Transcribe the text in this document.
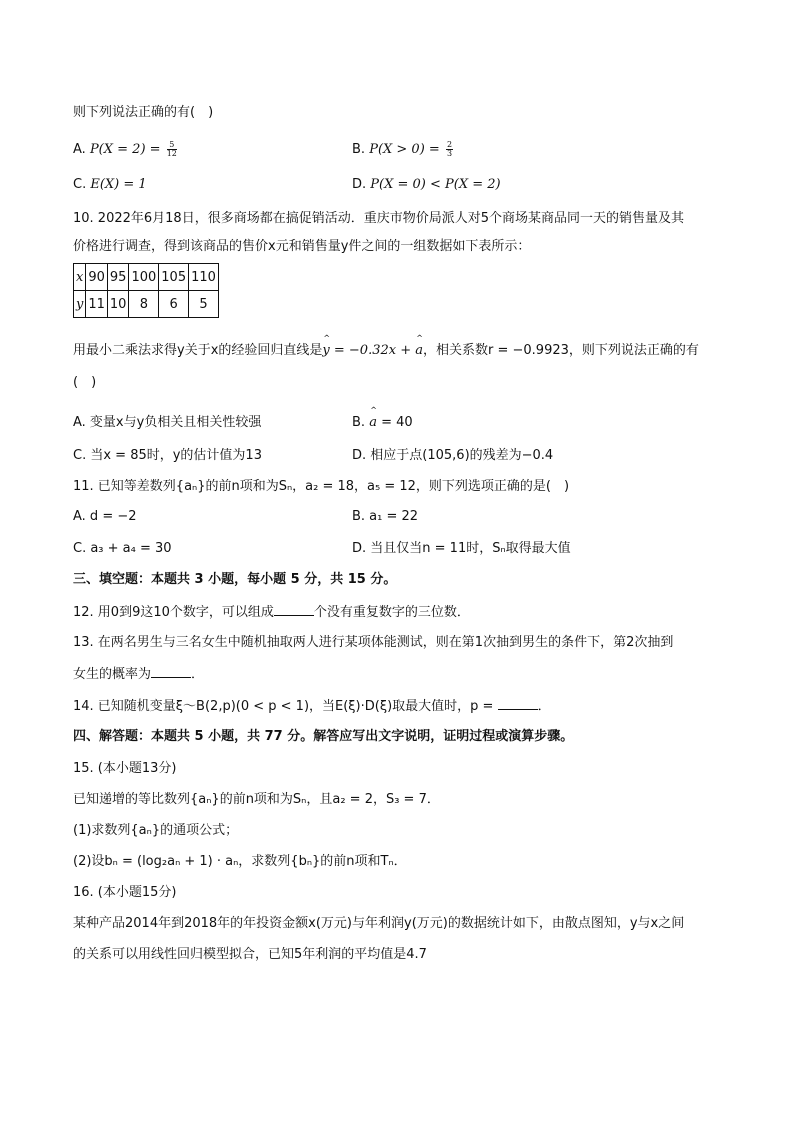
则下列说法正确的有(　)
A. $P(X = 2) = \frac{5}{12}$	B. $P(X > 0) = \frac{2}{3}$
C. E(X) = 1	D. P(X = 0) < P(X = 2)
10. 2022年6月18日，很多商场都在搞促销活动．重庆市物价局派人对5个商场某商品同一天的销售量及其
价格进行调查，得到该商品的售价x元和销售量y件之间的一组数据如下表所示：
x	90	95	100	105	110
y	11	10	8	6	5
用最小二乘法求得y关于x的经验回归直线是^ y = −0.32x + ^ a，相关系数r = −0.9923，则下列说法正确的有
(　)
A. 变量x与y负相关且相关性较强	B. ^ a = 40
C. 当x = 85时，y的估计值为13	D. 相应于点(105,6)的残差为−0.4
11. 已知等差数列{aₙ}的前n项和为Sₙ，a₂ = 18，a₅ = 12，则下列选项正确的是(　)
A. d = −2	B. a₁ = 22
C. a₃ + a₄ = 30	D. 当且仅当n = 11时，Sₙ取得最大值
三、填空题：本题共 3 小题，每小题 5 分，共 15 分。
12. 用0到9这10个数字，可以组成	个没有重复数字的三位数．
13. 在两名男生与三名女生中随机抽取两人进行某项体能测试，则在第1次抽到男生的条件下，第2次抽到
女生的概率为	．
14. 已知随机变量ξ～B(2,p)(0 < p < 1)，当E(ξ)·D(ξ)取最大值时，p =	．
四、解答题：本题共 5 小题，共 77 分。解答应写出文字说明，证明过程或演算步骤。
15. (本小题13分)
已知递增的等比数列{aₙ}的前n项和为Sₙ，且a₂ = 2，S₃ = 7．
(1)求数列{aₙ}的通项公式；
(2)设bₙ = (log₂aₙ + 1) · aₙ，求数列{bₙ}的前n项和Tₙ．
16. (本小题15分)
某种产品2014年到2018年的年投资金额x(万元)与年利润y(万元)的数据统计如下，由散点图知，y与x之间
的关系可以用线性回归模型拟合，已知5年利润的平均值是4.7
